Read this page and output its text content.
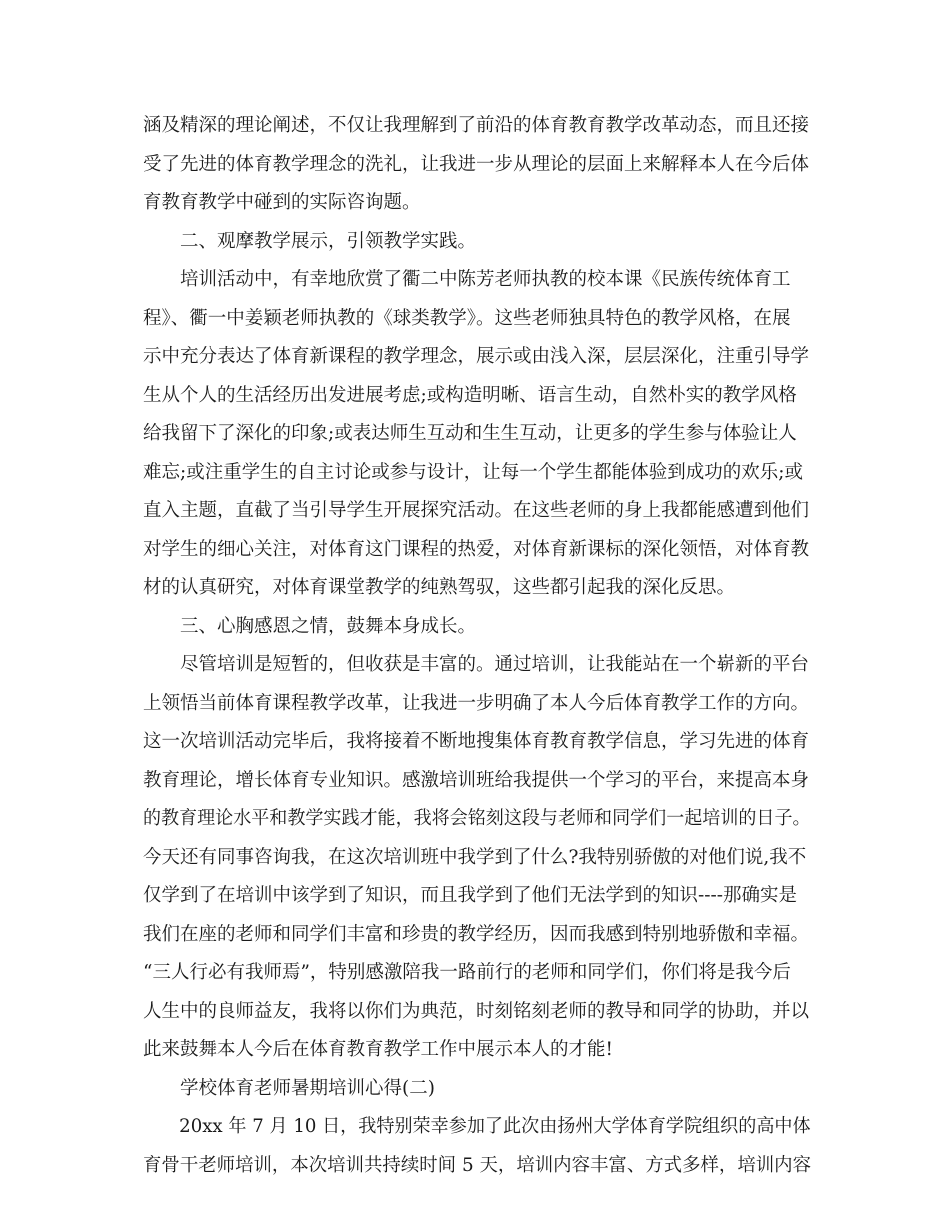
涵及精深的理论阐述，不仅让我理解到了前沿的体育教育教学改革动态，而且还接
受了先进的体育教学理念的洗礼，让我进一步从理论的层面上来解释本人在今后体
育教育教学中碰到的实际咨询题。
二、观摩教学展示，引领教学实践。
培训活动中，有幸地欣赏了衢二中陈芳老师执教的校本课《民族传统体育工
程》、衢一中姜颖老师执教的《球类教学》。这些老师独具特色的教学风格，在展
示中充分表达了体育新课程的教学理念，展示或由浅入深，层层深化，注重引导学
生从个人的生活经历出发进展考虑;或构造明晰、语言生动，自然朴实的教学风格
给我留下了深化的印象;或表达师生互动和生生互动，让更多的学生参与体验让人
难忘;或注重学生的自主讨论或参与设计，让每一个学生都能体验到成功的欢乐;或
直入主题，直截了当引导学生开展探究活动。在这些老师的身上我都能感遭到他们
对学生的细心关注，对体育这门课程的热爱，对体育新课标的深化领悟，对体育教
材的认真研究，对体育课堂教学的纯熟驾驭，这些都引起我的深化反思。
三、心胸感恩之情，鼓舞本身成长。
尽管培训是短暂的，但收获是丰富的。通过培训，让我能站在一个崭新的平台
上领悟当前体育课程教学改革，让我进一步明确了本人今后体育教学工作的方向。
这一次培训活动完毕后，我将接着不断地搜集体育教育教学信息，学习先进的体育
教育理论，增长体育专业知识。感激培训班给我提供一个学习的平台，来提高本身
的教育理论水平和教学实践才能，我将会铭刻这段与老师和同学们一起培训的日子。
今天还有同事咨询我，在这次培训班中我学到了什么?我特别骄傲的对他们说,我不
仅学到了在培训中该学到了知识，而且我学到了他们无法学到的知识----那确实是
我们在座的老师和同学们丰富和珍贵的教学经历，因而我感到特别地骄傲和幸福。
“三人行必有我师焉”，特别感激陪我一路前行的老师和同学们，你们将是我今后
人生中的良师益友，我将以你们为典范，时刻铭刻老师的教导和同学的协助，并以
此来鼓舞本人今后在体育教育教学工作中展示本人的才能!
学校体育老师暑期培训心得(二)
20xx 年 7 月 10 日，我特别荣幸参加了此次由扬州大学体育学院组织的高中体
育骨干老师培训，本次培训共持续时间 5 天，培训内容丰富、方式多样，培训内容
